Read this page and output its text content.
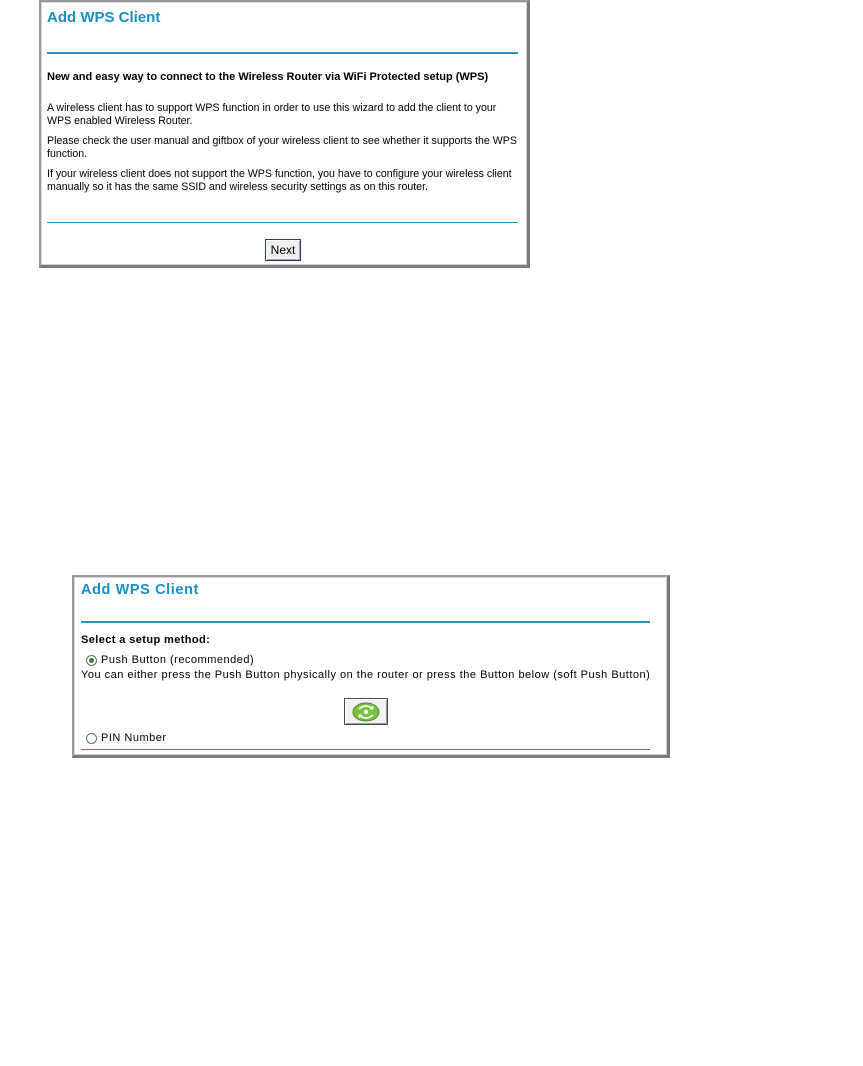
Add WPS Client

New and easy way to connect to the Wireless Router via WiFi Protected setup (WPS)

A wireless client has to support WPS function in order to use this wizard to add the client to your WPS enabled Wireless Router.

Please check the user manual and giftbox of your wireless client to see whether it supports the WPS function.

If your wireless client does not support the WPS function, you have to configure your wireless client manually so it has the same SSID and wireless security settings as on this router.

Next
Add WPS Client

Select a setup method:

Push Button (recommended)

You can either press the Push Button physically on the router or press the Button below (soft Push Button)

PIN Number
